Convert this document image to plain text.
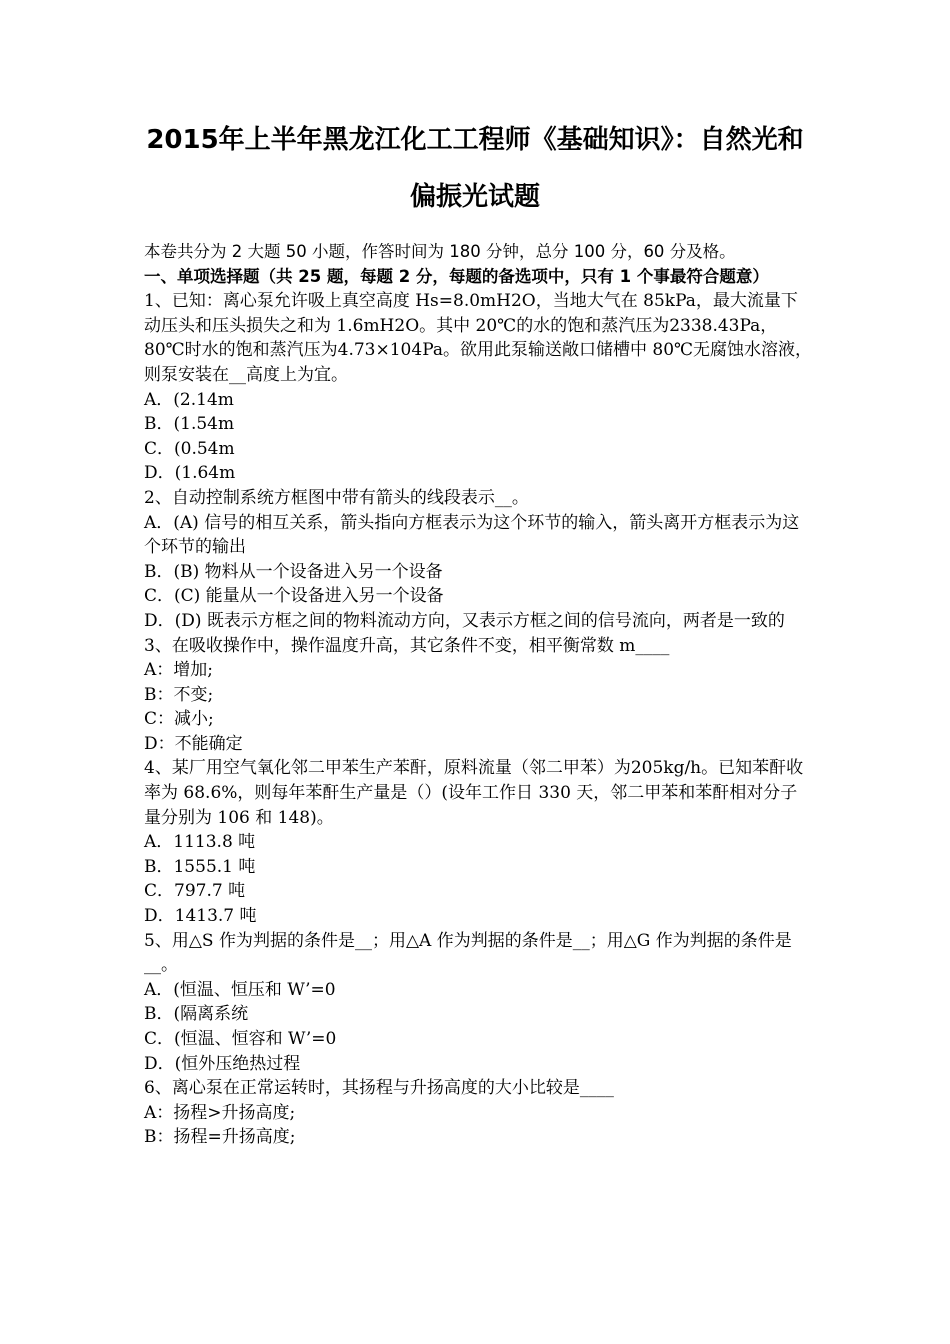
2015年上半年黑龙江化工工程师《基础知识》：自然光和偏振光试题
本卷共分为 2 大题 50 小题，作答时间为 180 分钟，总分 100 分，60 分及格。
一、单项选择题（共 25 题，每题 2 分，每题的备选项中，只有 1 个事最符合题意）

1、已知：离心泵允许吸上真空高度 Hs=8.0mH2O，当地大气在 85kPa，最大流量下动压头和压头损失之和为 1.6mH2O。其中 20℃的水的饱和蒸汽压为2338.43Pa，80℃时水的饱和蒸汽压为4.73×104Pa。欲用此泵输送敞口储槽中 80℃无腐蚀水溶液，则泵安装在__高度上为宜。

A．(2.14m

B．(1.54m

C．(0.54m

D．(1.64m

2、自动控制系统方框图中带有箭头的线段表示__。

A．(A) 信号的相互关系，箭头指向方框表示为这个环节的输入，箭头离开方框表示为这个环节的输出

B．(B) 物料从一个设备进入另一个设备

C．(C) 能量从一个设备进入另一个设备

D．(D) 既表示方框之间的物料流动方向，又表示方框之间的信号流向，两者是一致的

3、在吸收操作中，操作温度升高，其它条件不变，相平衡常数 m____

A：增加;

B：不变;

C：减小;

D：不能确定

4、某厂用空气氧化邻二甲苯生产苯酐，原料流量（邻二甲苯）为205kg/h。已知苯酐收率为 68.6%，则每年苯酐生产量是（）(设年工作日 330 天，邻二甲苯和苯酐相对分子量分别为 106 和 148)。

A．1113.8 吨

B．1555.1 吨

C．797.7 吨

D．1413.7 吨

5、用△S 作为判据的条件是__；用△A 作为判据的条件是__；用△G 作为判据的条件是__。

A．(恒温、恒压和 W’=0

B．(隔离系统

C．(恒温、恒容和 W’=0

D．(恒外压绝热过程

6、离心泵在正常运转时，其扬程与升扬高度的大小比较是____

A：扬程>升扬高度;

B：扬程=升扬高度;
